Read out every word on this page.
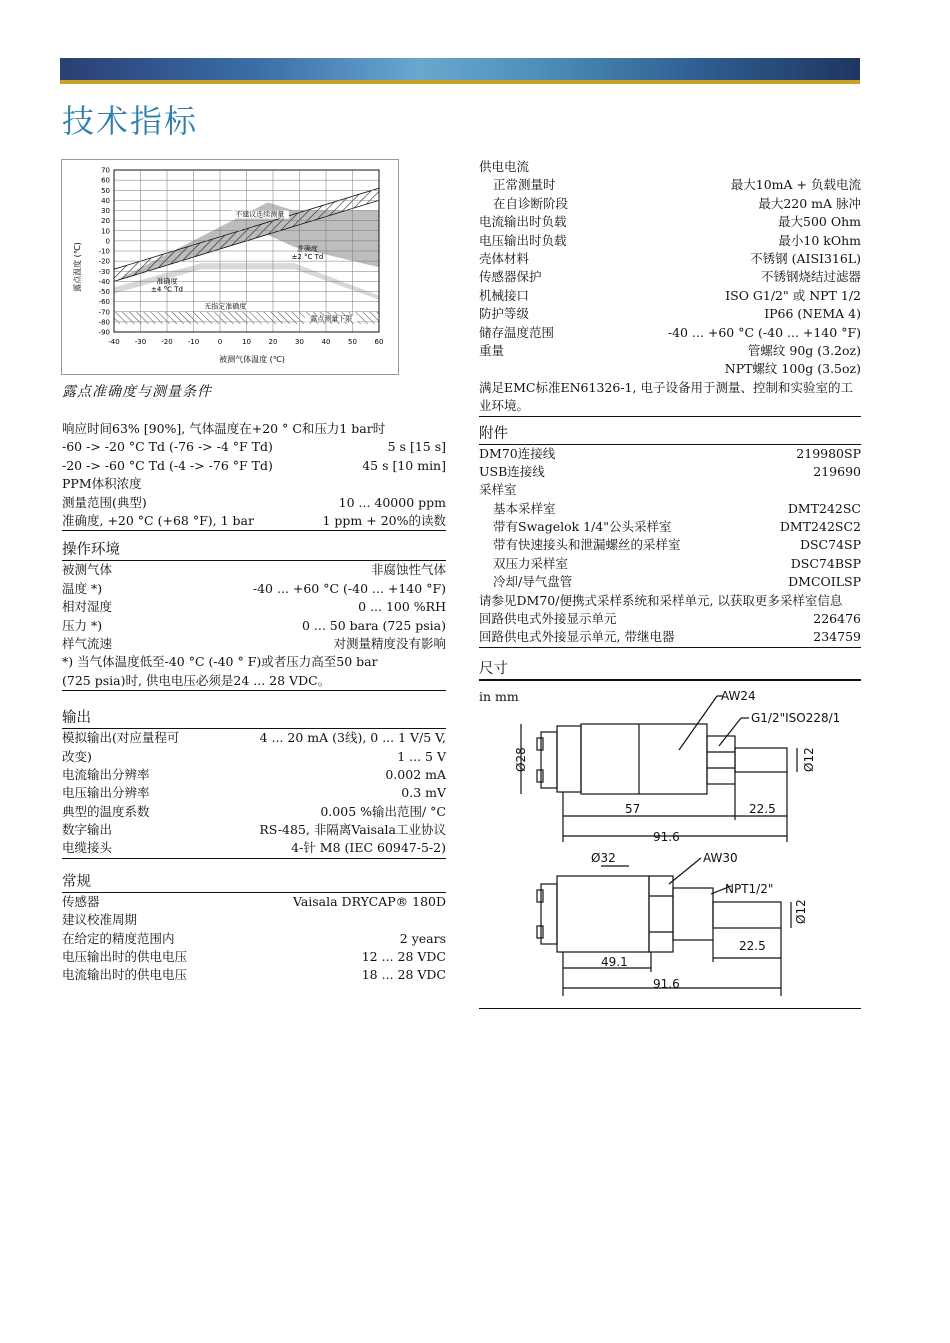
技术指标
70
60
50
40
30
20
10
0
-10
-20
-30
-40
-50
-60
-70
-80
-90
-40 -30 -20 -10	0	10	20	30	40	50	60
不建议连续测量
准确度
±2 °C Td
准确度
±4 °C Td
无指定准确度
露点测量下限
露点温度 (℃)
被测气体温度 (℃)
露点准确度与测量条件
响应时间63% [90%], 气体温度在+20 ° C和压力1 bar时
-60 -> -20 °C Td (-76 -> -4 °F Td)	5 s [15 s]
-20 -> -60 °C Td (-4 -> -76 °F Td)	45 s [10 min]
PPM体积浓度
测量范围(典型)	10 ... 40000 ppm
准确度, +20 °C (+68 °F), 1 bar	1 ppm + 20%的读数
操作环境
被测气体	非腐蚀性气体
温度 *)	-40 ... +60 °C (-40 ... +140 °F)
相对湿度	0 ... 100 %RH
压力 *)	0 ... 50 bara (725 psia)
样气流速	对测量精度没有影响
*) 当气体温度低至-40 °C (-40 ° F)或者压力高至50 bar
(725 psia)时, 供电电压必须是24 ... 28 VDC。
输出
模拟输出(对应量程可	4 ... 20 mA (3线), 0 ... 1 V/5 V,
改变)	1 ... 5 V
电流输出分辨率	0.002 mA
电压输出分辨率	0.3 mV
典型的温度系数	0.005 %输出范围/ °C
数字输出	RS-485, 非隔离Vaisala工业协议
电缆接头	4-针 M8 (IEC 60947-5-2)
常规
传感器	Vaisala DRYCAP® 180D
建议校准周期
在给定的精度范围内	2 years
电压输出时的供电电压	12 ... 28 VDC
电流输出时的供电电压	18 ... 28 VDC
供电电流
正常测量时	最大10mA + 负载电流
在自诊断阶段	最大220 mA 脉冲
电流输出时负载	最大500 Ohm
电压输出时负载	最小10 kOhm
壳体材料	不锈钢 (AISI316L)
传感器保护	不锈钢烧结过滤器
机械接口	ISO G1/2" 或 NPT 1/2
防护等级	IP66 (NEMA 4)
储存温度范围	-40 ... +60 °C (-40 ... +140 °F)
重量	管螺纹 90g (3.2oz)
NPT螺纹 100g (3.5oz)
满足EMC标准EN61326-1, 电子设备用于测量、控制和实验室的工业环境。
附件
DM70连接线	219980SP
USB连接线	219690
采样室
基本采样室	DMT242SC
带有Swagelok 1/4"公头采样室	DMT242SC2
带有快速接头和泄漏螺丝的采样室	DSC74SP
双压力采样室	DSC74BSP
冷却/导气盘管	DMCOILSP
请参见DM70/便携式采样系统和采样单元, 以获取更多采样室信息
回路供电式外接显示单元	226476
回路供电式外接显示单元, 带继电器	234759
尺寸
in mm	AW24
G1/2"ISO228/1
Ø28	Ø12
57	22.5
91.6
Ø32	AW30
NPT1/2"
Ø12
49.1
22.5
91.6
